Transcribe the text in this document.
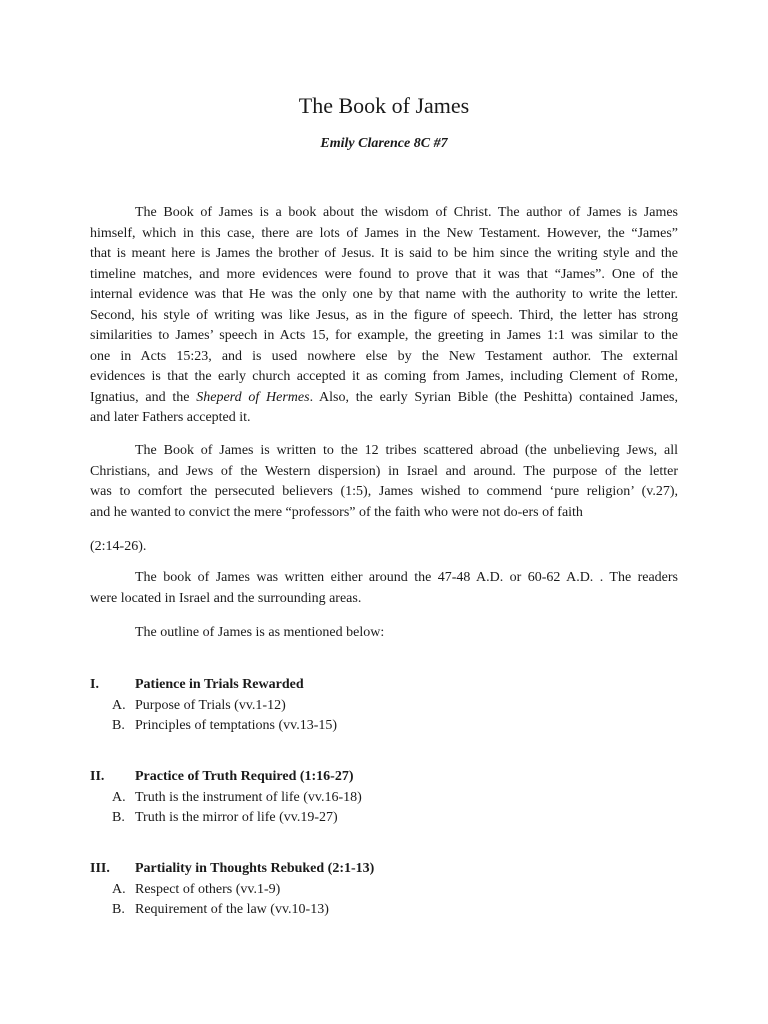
The Book of James
Emily Clarence 8C #7

The Book of James is a book about the wisdom of Christ. The author of James is James
himself, which in this case, there are lots of James in the New Testament. However, the “James”
that is meant here is James the brother of Jesus. It is said to be him since the writing style and the
timeline matches, and more evidences were found to prove that it was that “James”. One of the
internal evidence was that He was the only one by that name with the authority to write the letter.
Second, his style of writing was like Jesus, as in the figure of speech. Third, the letter has strong
similarities to James’ speech in Acts 15, for example, the greeting in James 1:1 was similar to the
one in Acts 15:23, and is used nowhere else by the New Testament author. The external
evidences is that the early church accepted it as coming from James, including Clement of Rome,
Ignatius, and the Sheperd of Hermes. Also, the early Syrian Bible (the Peshitta) contained James,
and later Fathers accepted it.

The Book of James is written to the 12 tribes scattered abroad (the unbelieving Jews, all
Christians, and Jews of the Western dispersion) in Israel and around. The purpose of the letter
was to comfort the persecuted believers (1:5), James wished to commend ‘pure religion’ (v.27),
and he wanted to convict the mere “professors” of the faith who were not do-ers of faith

(2:14-26).

The book of James was written either around the 47-48 A.D. or 60-62 A.D. . The readers
were located in Israel and the surrounding areas.

The outline of James is as mentioned below:

I.	Patience in Trials Rewarded
A. Purpose of Trials (vv.1-12)
B. Principles of temptations (vv.13-15)
II. Practice of Truth Required (1:16-27)
A. Truth is the instrument of life (vv.16-18)
B. Truth is the mirror of life (vv.19-27)
III. Partiality in Thoughts Rebuked (2:1-13)
A. Respect of others (vv.1-9)
B. Requirement of the law (vv.10-13)
